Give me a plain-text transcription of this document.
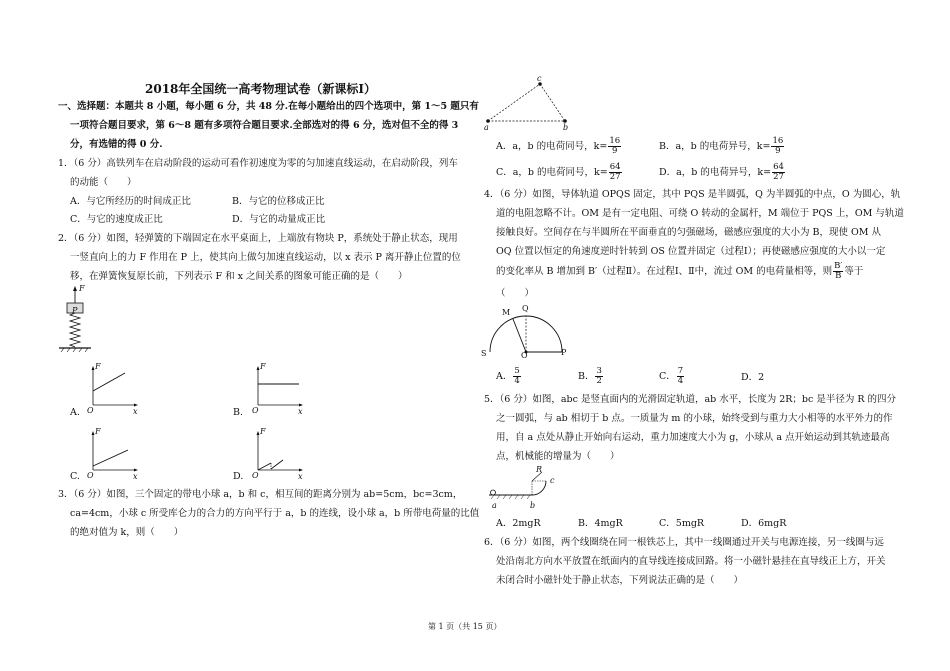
2018年全国统一高考物理试卷（新课标Ⅰ）
一、选择题：本题共 8 小题，每小题 6 分，共 48 分.在每小题给出的四个选项中，第 1～5 题只有
一项符合题目要求，第 6～8 题有多项符合题目要求.全部选对的得 6 分，选对但不全的得 3
分，有选错的得 0 分.
1．（6 分）高铁列车在启动阶段的运动可看作初速度为零的匀加速直线运动，在启动阶段，列车
的动能（　　）
A．与它所经历的时间成正比	B．与它的位移成正比
C．与它的速度成正比	D．与它的动量成正比
2．（6 分）如图，轻弹簧的下端固定在水平桌面上，上端放有物块 P，系统处于静止状态，现用
一竖直向上的力 F 作用在 P 上，使其向上做匀加速直线运动，以 x 表示 P 离开静止位置的位
移，在弹簧恢复原长前，下列表示 F 和 x 之间关系的图象可能正确的是（　　）
F
P
F
O	x
A.
F
O	x
B.
F
O	x
C.
F
O	x
D.
3．（6 分）如图，三个固定的带电小球 a，b 和 c，相互间的距离分别为 ab=5cm，bc=3cm，
ca=4cm，小球 c 所受库仑力的合力的方向平行于 a，b 的连线，设小球 a，b 所带电荷量的比值
的绝对值为 k，则（　　）
c
a	b
A．a，b 的电荷同号，$k= \frac{16}{9}$	B．a，b 的电荷异号，$k= \frac{16}{9}$
C．a，b 的电荷同号，$k= \frac{64}{27}$	D．a，b 的电荷异号，$k= \frac{64}{27}$
4．（6 分）如图，导体轨道 OPQS 固定，其中 PQS 是半圆弧，Q 为半圆弧的中点，O 为圆心，轨
道的电阻忽略不计。OM 是有一定电阻、可绕 O 转动的金属杆，M 端位于 PQS 上，OM 与轨道
接触良好。空间存在与半圆所在平面垂直的匀强磁场，磁感应强度的大小为 B，现使 OM 从
OQ 位置以恒定的角速度逆时针转到 OS 位置并固定（过程Ⅰ）；再使磁感应强度的大小以一定
的变化率从 B 增加到 B′（过程Ⅱ）。在过程Ⅰ、Ⅱ中，流过 OM 的电荷量相等，则 $\frac{B'}{B}$ 等于
（　　）
M Q
O
S	P
A． $\frac{5}{4}$	B． $\frac{3}{2}$	C． $\frac{7}{4}$	D．2
5．（6 分）如图，abc 是竖直面内的光滑固定轨道，ab 水平，长度为 2R；bc 是半径为 R 的四分
之一圆弧，与 ab 相切于 b 点。一质量为 m 的小球，始终受到与重力大小相等的水平外力的作
用，自 a 点处从静止开始向右运动，重力加速度大小为 g，小球从 a 点开始运动到其轨迹最高
点，机械能的增量为（　　）
R
c
a	b
A．2mgR	B．4mgR	C．5mgR	D．6mgR
6．（6 分）如图，两个线圈绕在同一根铁芯上，其中一线圈通过开关与电源连接，另一线圈与远
处沿南北方向水平放置在纸面内的直导线连接成回路。将一小磁针悬挂在直导线正上方，开关
未闭合时小磁针处于静止状态，下列说法正确的是（　　）
第 1 页（共 15 页）
